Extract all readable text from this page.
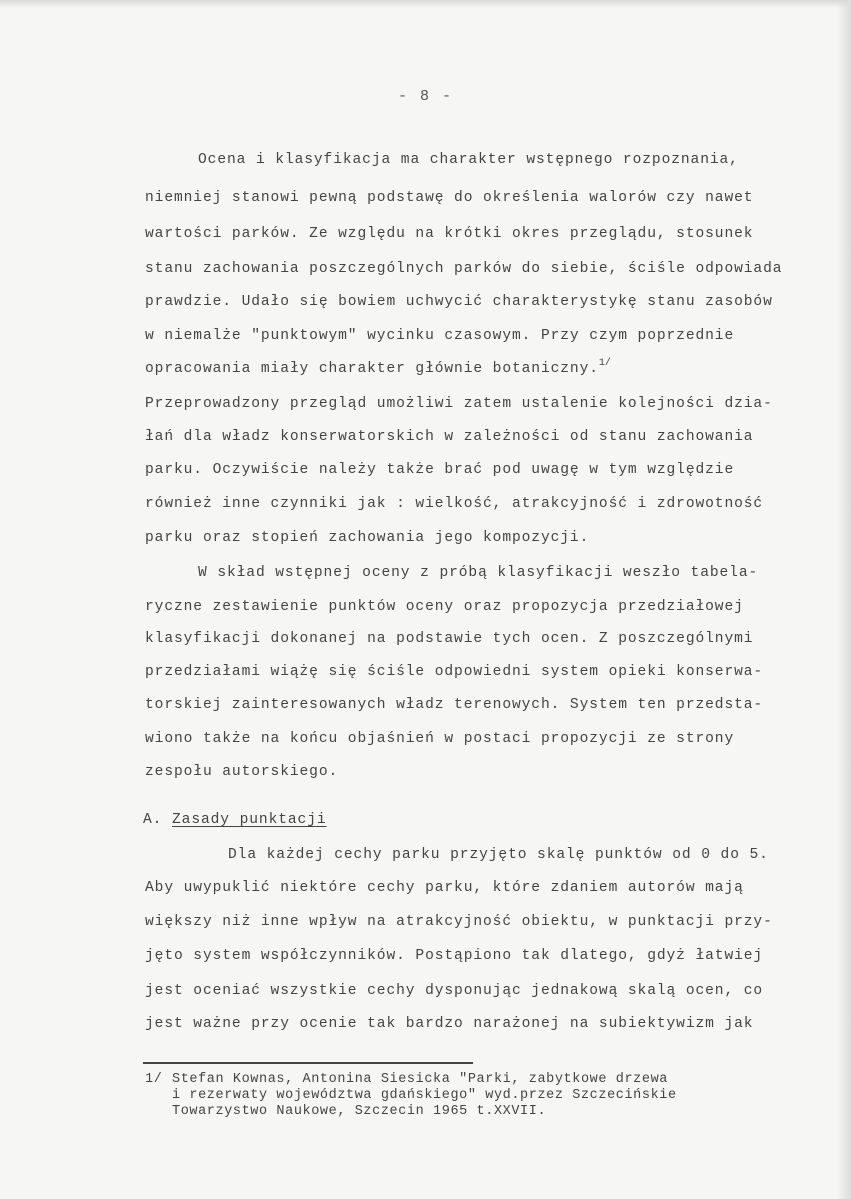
- 8 -
Ocena i klasyfikacja ma charakter wstępnego rozpoznania,
niemniej stanowi pewną podstawę do określenia walorów czy nawet
wartości parków. Ze względu na krótki okres przeglądu, stosunek
stanu zachowania poszczególnych parków do siebie, ściśle odpowiada
prawdzie. Udało się bowiem uchwycić charakterystykę stanu zasobów
w niemalże "punktowym" wycinku czasowym. Przy czym poprzednie
opracowania miały charakter głównie botaniczny.$^{1/}$
Przeprowadzony przegląd umożliwi zatem ustalenie kolejności dzia-
łań dla władz konserwatorskich w zależności od stanu zachowania
parku. Oczywiście należy także brać pod uwagę w tym względzie
również inne czynniki jak : wielkość, atrakcyjność i zdrowotność
parku oraz stopień zachowania jego kompozycji.
W skład wstępnej oceny z próbą klasyfikacji weszło tabela-
ryczne zestawienie punktów oceny oraz propozycja przedziałowej
klasyfikacji dokonanej na podstawie tych ocen. Z poszczególnymi
przedziałami wiążę się ściśle odpowiedni system opieki konserwa-
torskiej zainteresowanych władz terenowych. System ten przedsta-
wiono także na końcu objaśnień w postaci propozycji ze strony
zespołu autorskiego.
A. Zasady punktacji
Dla każdej cechy parku przyjęto skalę punktów od 0 do 5.
Aby uwypuklić niektóre cechy parku, które zdaniem autorów mają
większy niż inne wpływ na atrakcyjność obiektu, w punktacji przy-
jęto system współczynników. Postąpiono tak dlatego, gdyż łatwiej
jest oceniać wszystkie cechy dysponując jednakową skalą ocen, co
jest ważne przy ocenie tak bardzo narażonej na subiektywizm jak
1/ Stefan Kownas, Antonina Siesicka "Parki, zabytkowe drzewa
i rezerwaty województwa gdańskiego" wyd.przez Szczecińskie
Towarzystwo Naukowe, Szczecin 1965 t.XXVII.
